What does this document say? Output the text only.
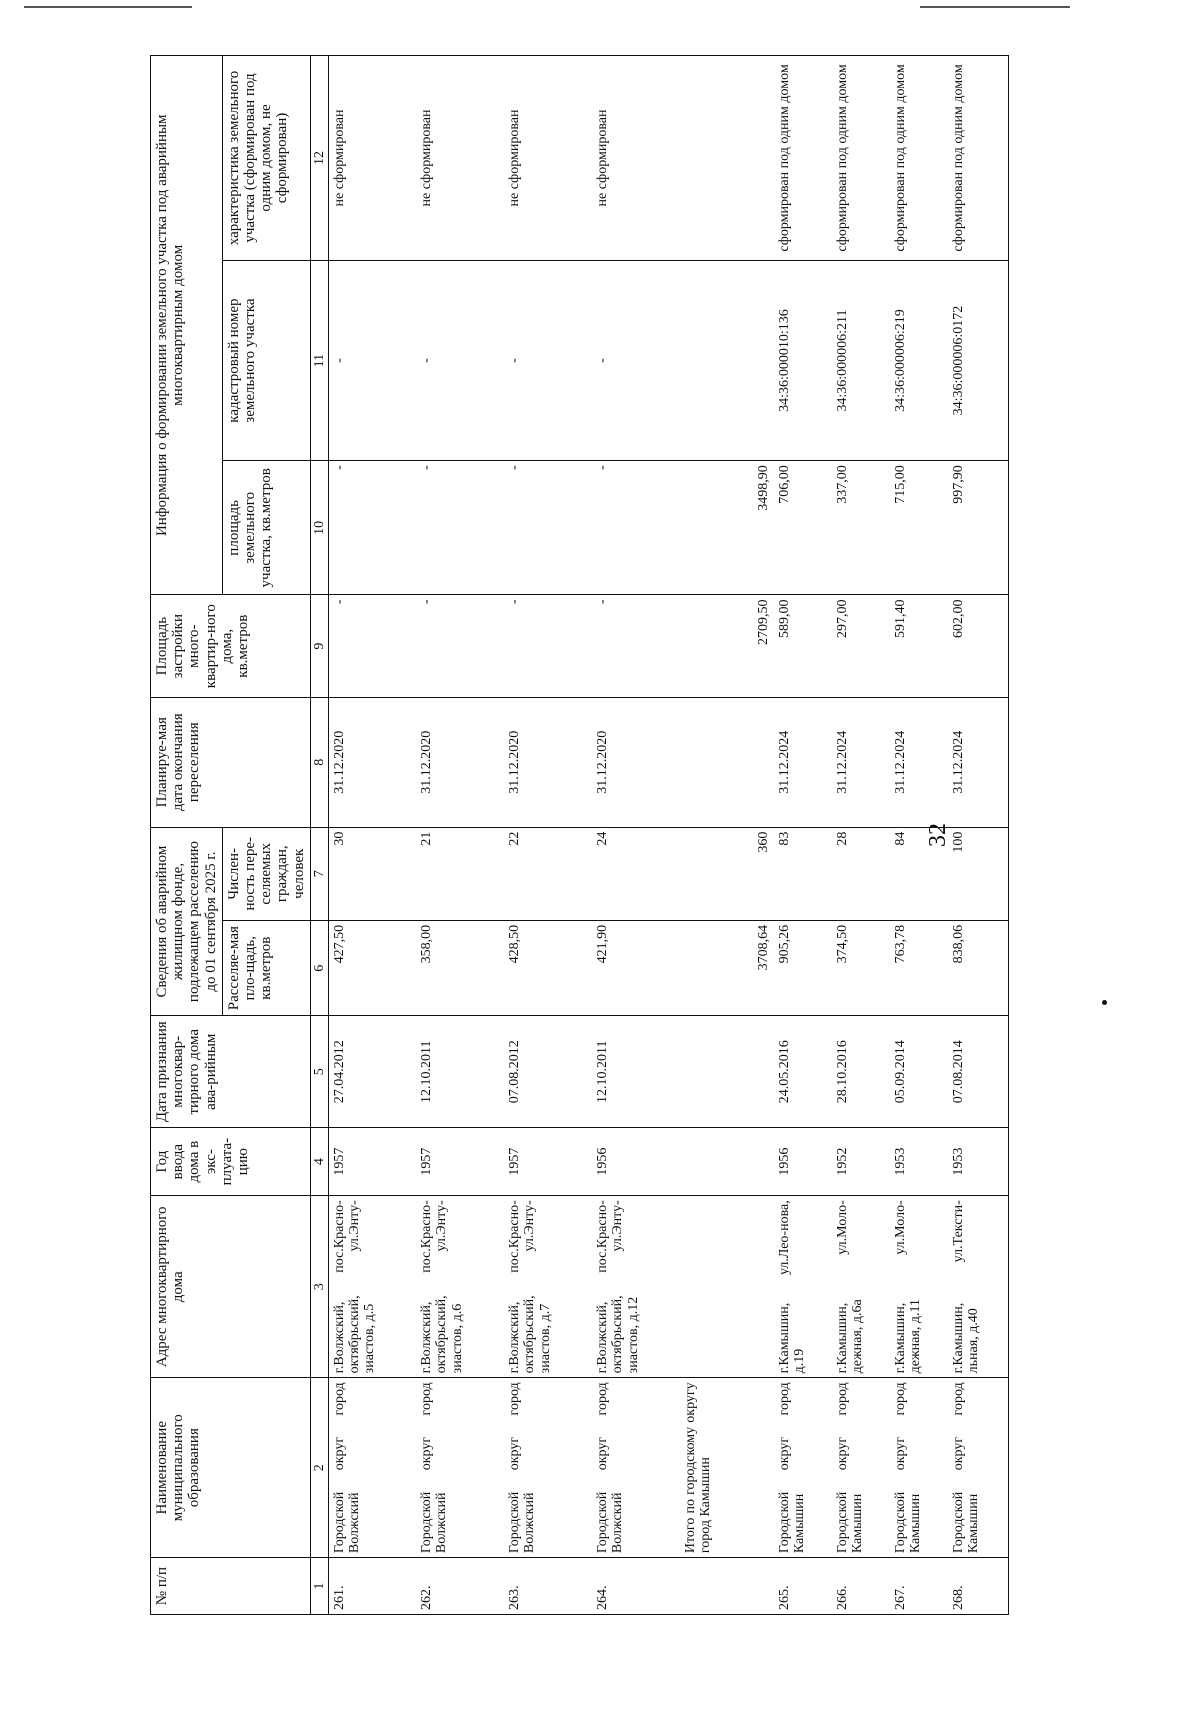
№ п/п	Наименование муниципального образования	Адрес многоквартирного дома	Год ввода дома в экс-плуата-цию	Дата признания многоквар-тирного дома ава-рийным	Сведения об аварийном жилищном фонде, подлежащем расселению до 01 сентября 2025 г.		Планируе-мая дата окончания переселения	Площадь застройки много-квартир-ного дома, кв.метров	Информация о формировании земельного участка под аварийным многоквартирным домом		
					Расселяе-мая пло-щадь, кв.метров	Числен-ность пере-селяемых граждан, человек			площадь земельного участка, кв.метров	кадастровый номер земельного участка	характеристика земельного участка (сформирован под одним домом, не сформирован)
1	2	3	4	5	6	7	8	9	10	11	12
261.	Городской округ город Волжский	г.Волжский, пос.Красно-октябрьский, ул.Энту-зиастов, д.5	1957	27.04.2012	427,50	30	31.12.2020	-	-	-	не сформирован
262.	Городской округ город Волжский	г.Волжский, пос.Красно-октябрьский, ул.Энту-зиастов, д.6	1957	12.10.2011	358,00	21	31.12.2020	-	-	-	не сформирован
263.	Городской округ город Волжский	г.Волжский, пос.Красно-октябрьский, ул.Энту-зиастов, д.7	1957	07.08.2012	428,50	22	31.12.2020	-	-	-	не сформирован
264.	Городской округ город Волжский	г.Волжский, пос.Красно-октябрьский, ул.Энту-зиастов, д.12	1956	12.10.2011	421,90	24	31.12.2020	-	-	-	не сформирован
	Итого по городскому округу город Камышин				3708,64	360		2709,50	3498,90		
265.	Городской округ город Камышин	г.Камышин, ул.Лео-нова, д.19	1956	24.05.2016	905,26	83	31.12.2024	589,00	706,00	34:36:000010:136	сформирован под одним домом
266.	Городской округ город Камышин	г.Камышин, ул.Моло-дежная, д.6а	1952	28.10.2016	374,50	28	31.12.2024	297,00	337,00	34:36:000006:211	сформирован под одним домом
267.	Городской округ город Камышин	г.Камышин, ул.Моло-дежная, д.11	1953	05.09.2014	763,78	84	31.12.2024	591,40	715,00	34:36:000006:219	сформирован под одним домом
268.	Городской округ город Камышин	г.Камышин, ул.Тексти-льная, д.40	1953	07.08.2014	838,06	100	31.12.2024	602,00	997,90	34:36:000006:0172	сформирован под одним домом
32
